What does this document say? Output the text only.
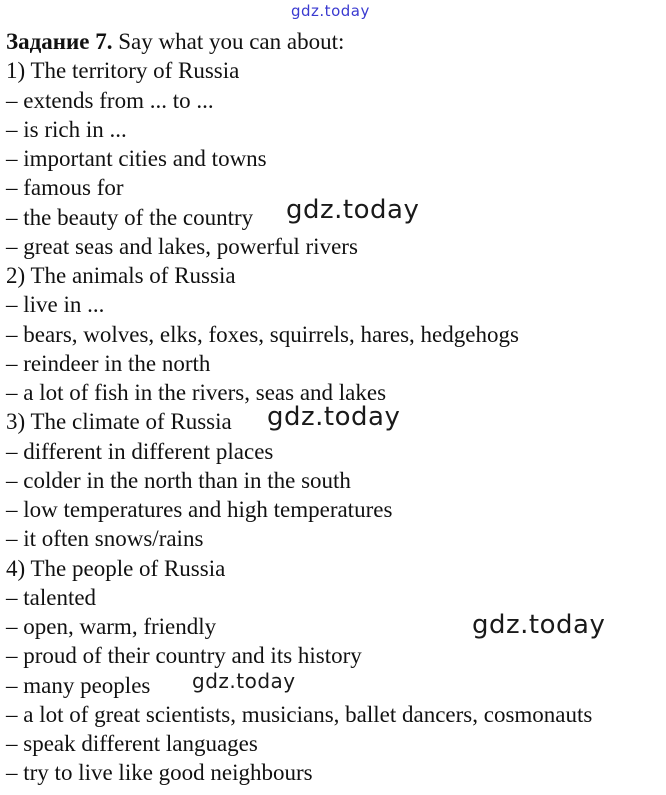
gdz.today
Задание 7. Say what you can about:
1) The territory of Russia
– extends from ... to ...
– is rich in ...
– important cities and towns
– famous for
– the beauty of the country
– great seas and lakes, powerful rivers
2) The animals of Russia
– live in ...
– bears, wolves, elks, foxes, squirrels, hares, hedgehogs
– reindeer in the north
– a lot of fish in the rivers, seas and lakes
3) The climate of Russia
– different in different places
– colder in the north than in the south
– low temperatures and high temperatures
– it often snows/rains
4) The people of Russia
– talented
– open, warm, friendly
– proud of their country and its history
– many peoples
– a lot of great scientists, musicians, ballet dancers, cosmonauts
– speak different languages
– try to live like good neighbours
gdz.today
gdz.today
gdz.today
gdz.today
